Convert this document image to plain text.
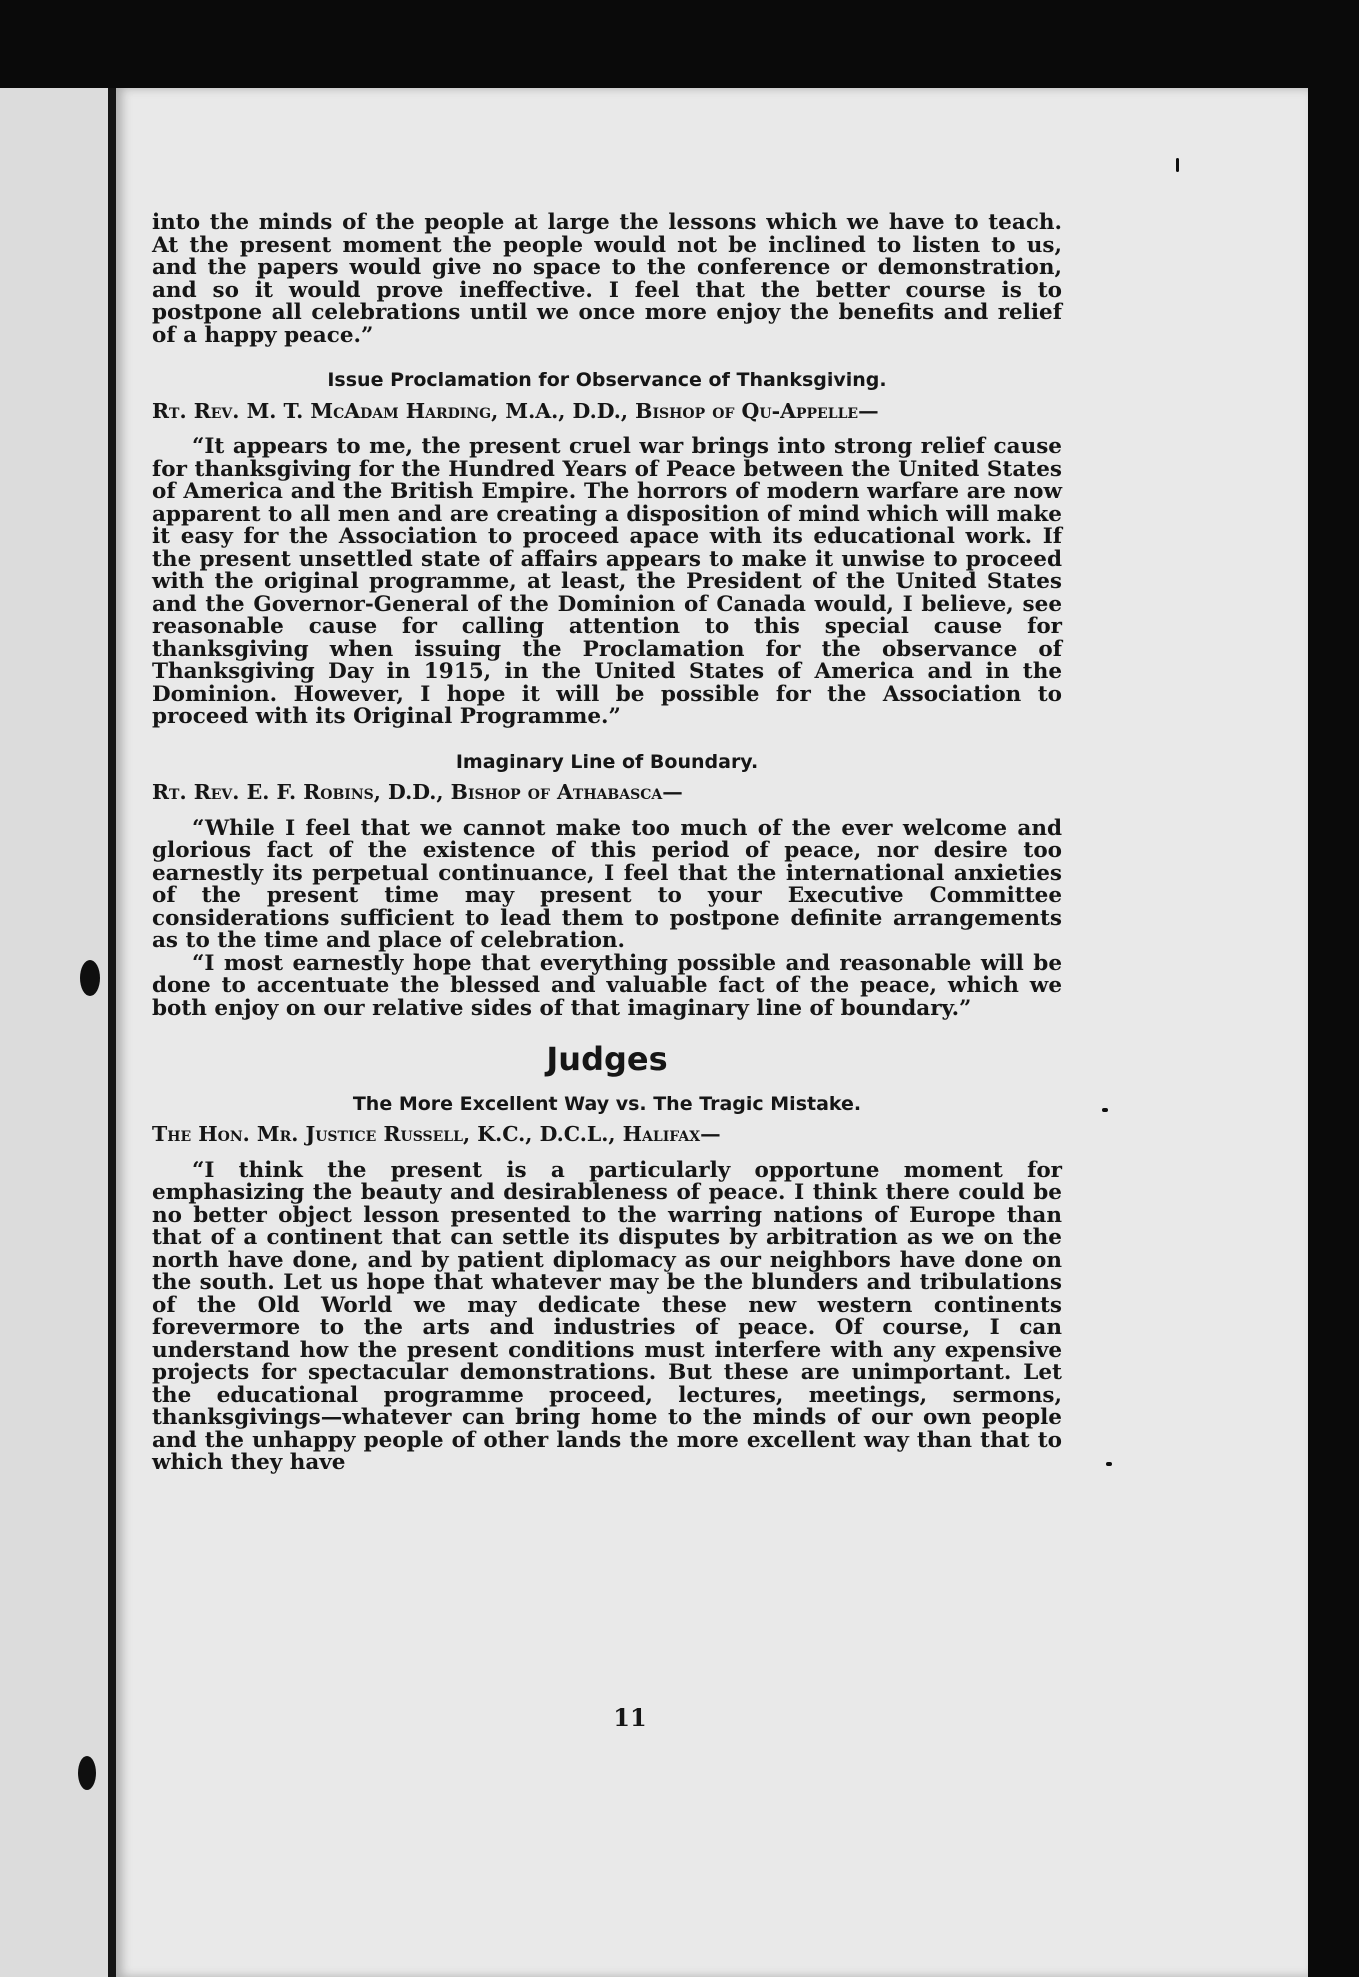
into the minds of the people at large the lessons which we have to teach. At the present moment the people would not be inclined to listen to us, and the papers would give no space to the conference or demonstration, and so it would prove ineffective. I feel that the better course is to postpone all celebrations until we once more enjoy the benefits and relief of a happy peace.”

Issue Proclamation for Observance of Thanksgiving.
Rt. Rev. M. T. McAdam Harding, M.A., D.D., Bishop of Qu-Appelle—

“It appears to me, the present cruel war brings into strong relief cause for thanksgiving for the Hundred Years of Peace between the United States of America and the British Empire. The horrors of modern warfare are now apparent to all men and are creating a disposition of mind which will make it easy for the Association to proceed apace with its educational work. If the present unsettled state of affairs appears to make it unwise to proceed with the original programme, at least, the President of the United States and the Governor-General of the Dominion of Canada would, I believe, see reasonable cause for calling attention to this special cause for thanksgiving when issuing the Proclamation for the observance of Thanksgiving Day in 1915, in the United States of America and in the Dominion. However, I hope it will be possible for the Association to proceed with its Original Programme.”

Imaginary Line of Boundary.
Rt. Rev. E. F. Robins, D.D., Bishop of Athabasca—

“While I feel that we cannot make too much of the ever welcome and glorious fact of the existence of this period of peace, nor desire too earnestly its perpetual continuance, I feel that the international anxieties of the present time may present to your Executive Committee considerations sufficient to lead them to postpone definite arrangements as to the time and place of celebration.

“I most earnestly hope that everything possible and reasonable will be done to accentuate the blessed and valuable fact of the peace, which we both enjoy on our relative sides of that imaginary line of boundary.”

Judges
The More Excellent Way vs. The Tragic Mistake.
The Hon. Mr. Justice Russell, K.C., D.C.L., Halifax—

“I think the present is a particularly opportune moment for emphasizing the beauty and desirableness of peace. I think there could be no better object lesson presented to the warring nations of Europe than that of a continent that can settle its disputes by arbitration as we on the north have done, and by patient diplomacy as our neighbors have done on the south. Let us hope that whatever may be the blunders and tribulations of the Old World we may dedicate these new western continents forevermore to the arts and industries of peace. Of course, I can understand how the present conditions must interfere with any expensive projects for spectacular demonstrations. But these are unimportant. Let the educational programme proceed, lectures, meetings, sermons, thanksgivings—whatever can bring home to the minds of our own people and the unhappy people of other lands the more excellent way than that to which they have

11
